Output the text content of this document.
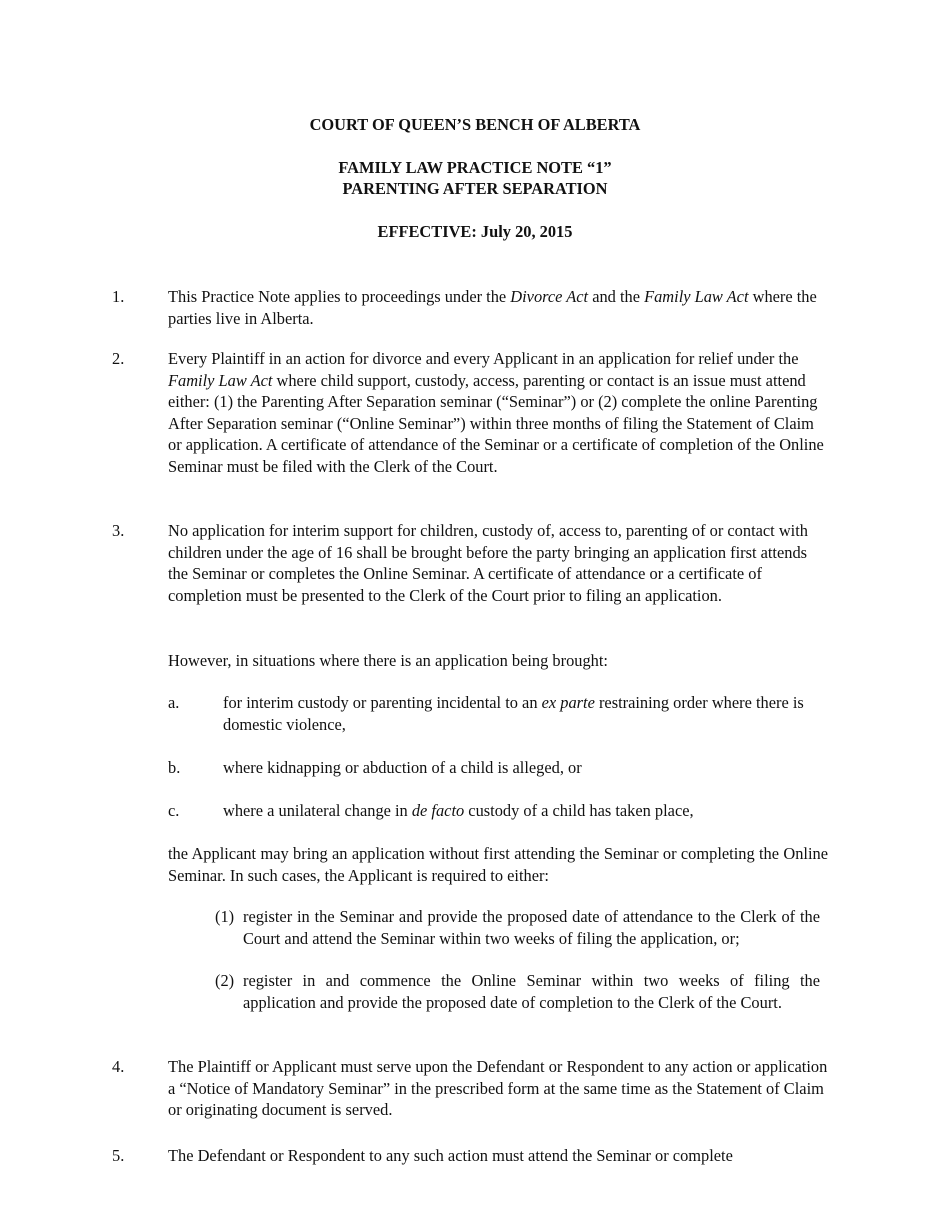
COURT OF QUEEN’S BENCH OF ALBERTA
FAMILY LAW PRACTICE NOTE “1”
PARENTING AFTER SEPARATION
EFFECTIVE: July 20, 2015
1.	This Practice Note applies to proceedings under the Divorce Act and the Family Law Act where the parties live in Alberta.
2.	Every Plaintiff in an action for divorce and every Applicant in an application for relief under the Family Law Act where child support, custody, access, parenting or contact is an issue must attend either: (1) the Parenting After Separation seminar (“Seminar”) or (2) complete the online Parenting After Separation seminar (“Online Seminar”) within three months of filing the Statement of Claim or application. A certificate of attendance of the Seminar or a certificate of completion of the Online Seminar must be filed with the Clerk of the Court.
3.	No application for interim support for children, custody of, access to, parenting of or contact with children under the age of 16 shall be brought before the party bringing an application first attends the Seminar or completes the Online Seminar. A certificate of attendance or a certificate of completion must be presented to the Clerk of the Court prior to filing an application.
However, in situations where there is an application being brought:
a.	for interim custody or parenting incidental to an ex parte restraining order where there is domestic violence,
b.	where kidnapping or abduction of a child is alleged, or
c.	where a unilateral change in de facto custody of a child has taken place,
the Applicant may bring an application without first attending the Seminar or completing the Online Seminar. In such cases, the Applicant is required to either:
(1) register in the Seminar and provide the proposed date of attendance to the Clerk of the Court and attend the Seminar within two weeks of filing the application, or;
(2) register in and commence the Online Seminar within two weeks of filing the application and provide the proposed date of completion to the Clerk of the Court.
4.	The Plaintiff or Applicant must serve upon the Defendant or Respondent to any action or application a “Notice of Mandatory Seminar” in the prescribed form at the same time as the Statement of Claim or originating document is served.
5.	The Defendant or Respondent to any such action must attend the Seminar or complete
